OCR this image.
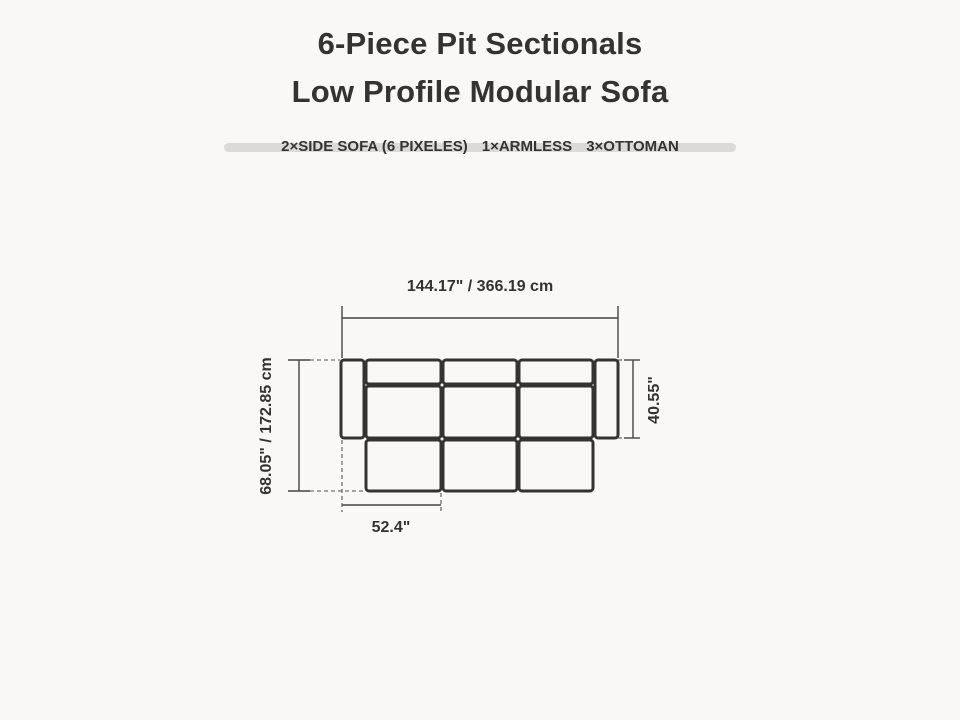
6-Piece Pit Sectionals
Low Profile Modular Sofa
2×SIDE SOFA (6 PIXELES) 1×ARMLESS 3×OTTOMAN
144.17" / 366.19 cm
68.05" / 172.85 cm	40.55"
52.4"
